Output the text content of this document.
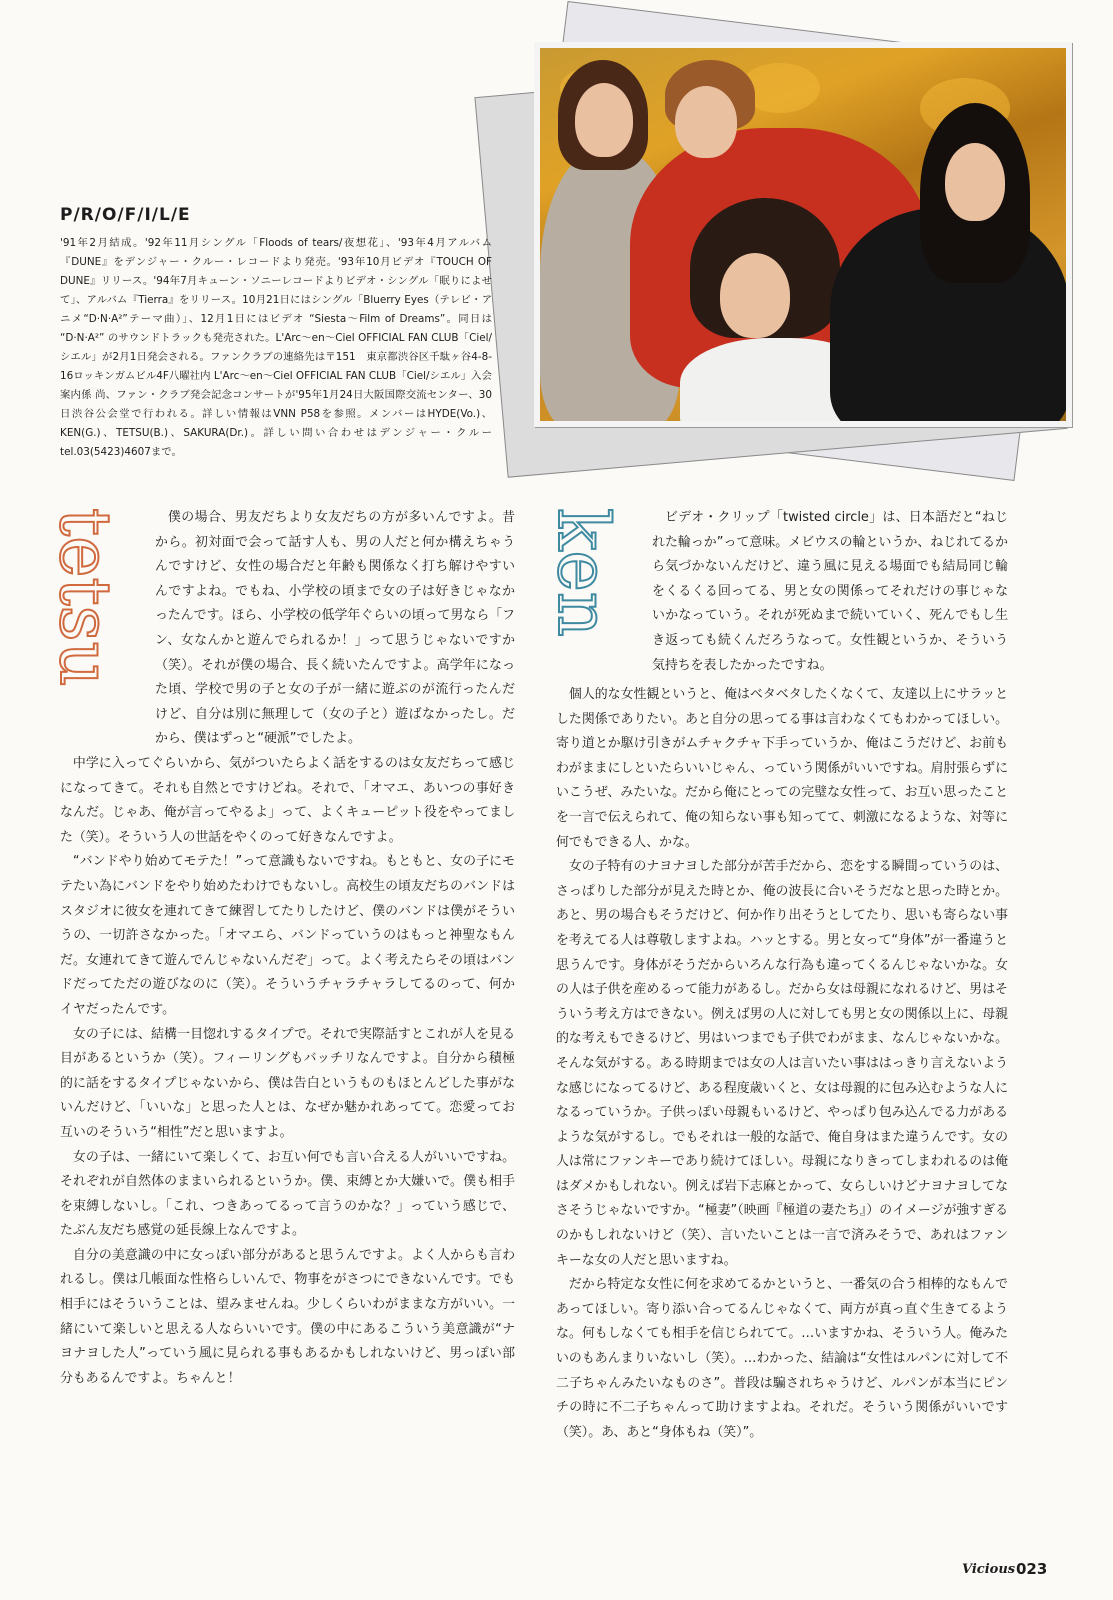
P/R/O/F/I/L/E
'91年2月結成。'92年11月シングル「Floods of tears/夜想花」、'93年4月アルバム『DUNE』をデンジャー・クルー・レコードより発売。'93年10月ビデオ『TOUCH OF DUNE』リリース。'94年7月キューン・ソニーレコードよりビデオ・シングル「眠りによせて」、アルバム『Tierra』をリリース。10月21日にはシングル「Bluerry Eyes（テレビ・アニメ“D·N·A²”テーマ曲）」、12月1日にはビデオ “Siesta〜Film of Dreams”。同日は “D·N·A²” のサウンドトラックも発売された。L'Arc〜en〜Ciel OFFICIAL FAN CLUB「Ciel/シエル」が2月1日発会される。ファンクラブの連絡先は〒151　東京都渋谷区千駄ヶ谷4-8-16ロッキンガムビル4F八曜社内 L'Arc〜en〜Ciel OFFICIAL FAN CLUB「Ciel/シエル」入会案内係 尚、ファン・クラブ発会記念コンサートが'95年1月24日大阪国際交流センター、30日渋谷公会堂で行われる。詳しい情報はVNN P58を参照。メンバーはHYDE(Vo.)、KEN(G.)、TETSU(B.)、SAKURA(Dr.)。詳しい問い合わせはデンジャー・クルー tel.03(5423)4607まで。
tetsu	ken

僕の場合、男友だちより女友だちの方が多いんですよ。昔から。初対面で会って話す人も、男の人だと何か構えちゃうんですけど、女性の場合だと年齢も関係なく打ち解けやすいんですよね。でもね、小学校の頃まで女の子は好きじゃなかったんです。ほら、小学校の低学年ぐらいの頃って男なら「フン、女なんかと遊んでられるか！」って思うじゃないですか（笑）。それが僕の場合、長く続いたんですよ。高学年になった頃、学校で男の子と女の子が一緒に遊ぶのが流行ったんだけど、自分は別に無理して（女の子と）遊ばなかったし。だから、僕はずっと“硬派”でしたよ。

中学に入ってぐらいから、気がついたらよく話をするのは女友だちって感じになってきて。それも自然とですけどね。それで、「オマエ、あいつの事好きなんだ。じゃあ、俺が言ってやるよ」って、よくキューピット役をやってました（笑）。そういう人の世話をやくのって好きなんですよ。

“バンドやり始めてモテた！”って意識もないですね。もともと、女の子にモテたい為にバンドをやり始めたわけでもないし。高校生の頃友だちのバンドはスタジオに彼女を連れてきて練習してたりしたけど、僕のバンドは僕がそういうの、一切許さなかった。「オマエら、バンドっていうのはもっと神聖なもんだ。女連れてきて遊んでんじゃないんだぞ」って。よく考えたらその頃はバンドだってただの遊びなのに（笑）。そういうチャラチャラしてるのって、何かイヤだったんです。

女の子には、結構一目惚れするタイプで。それで実際話すとこれが人を見る目があるというか（笑）。フィーリングもバッチリなんですよ。自分から積極的に話をするタイプじゃないから、僕は告白というものもほとんどした事がないんだけど、「いいな」と思った人とは、なぜか魅かれあってて。恋愛ってお互いのそういう“相性”だと思いますよ。

女の子は、一緒にいて楽しくて、お互い何でも言い合える人がいいですね。それぞれが自然体のままいられるというか。僕、束縛とか大嫌いで。僕も相手を束縛しないし。「これ、つきあってるって言うのかな？」っていう感じで、たぶん友だち感覚の延長線上なんですよ。

自分の美意識の中に女っぽい部分があると思うんですよ。よく人からも言われるし。僕は几帳面な性格らしいんで、物事をがさつにできないんです。でも相手にはそういうことは、望みませんね。少しくらいわがままな方がいい。一緒にいて楽しいと思える人ならいいです。僕の中にあるこういう美意識が“ナヨナヨした人”っていう風に見られる事もあるかもしれないけど、男っぽい部分もあるんですよ。ちゃんと！

ビデオ・クリップ「twisted circle」は、日本語だと“ねじれた輪っか”って意味。メビウスの輪というか、ねじれてるから気づかないんだけど、違う風に見える場面でも結局同じ輪をくるくる回ってる、男と女の関係ってそれだけの事じゃないかなっていう。それが死ぬまで続いていく、死んでもし生き返っても続くんだろうなって。女性観というか、そういう気持ちを表したかったですね。

個人的な女性観というと、俺はベタベタしたくなくて、友達以上にサラッとした関係でありたい。あと自分の思ってる事は言わなくてもわかってほしい。寄り道とか駆け引きがムチャクチャ下手っていうか、俺はこうだけど、お前もわがままにしといたらいいじゃん、っていう関係がいいですね。肩肘張らずにいこうぜ、みたいな。だから俺にとっての完璧な女性って、お互い思ったことを一言で伝えられて、俺の知らない事も知ってて、刺激になるような、対等に何でもできる人、かな。

女の子特有のナヨナヨした部分が苦手だから、恋をする瞬間っていうのは、さっぱりした部分が見えた時とか、俺の波長に合いそうだなと思った時とか。あと、男の場合もそうだけど、何か作り出そうとしてたり、思いも寄らない事を考えてる人は尊敬しますよね。ハッとする。男と女って“身体”が一番違うと思うんです。身体がそうだからいろんな行為も違ってくるんじゃないかな。女の人は子供を産めるって能力があるし。だから女は母親になれるけど、男はそういう考え方はできない。例えば男の人に対しても男と女の関係以上に、母親的な考えもできるけど、男はいつまでも子供でわがまま、なんじゃないかな。そんな気がする。ある時期までは女の人は言いたい事ははっきり言えないような感じになってるけど、ある程度歳いくと、女は母親的に包み込むような人になるっていうか。子供っぽい母親もいるけど、やっぱり包み込んでる力があるような気がするし。でもそれは一般的な話で、俺自身はまた違うんです。女の人は常にファンキーであり続けてほしい。母親になりきってしまわれるのは俺はダメかもしれない。例えば岩下志麻とかって、女らしいけどナヨナヨしてなさそうじゃないですか。“極妻”（映画『極道の妻たち』）のイメージが強すぎるのかもしれないけど（笑）、言いたいことは一言で済みそうで、あれはファンキーな女の人だと思いますね。

だから特定な女性に何を求めてるかというと、一番気の合う相棒的なもんであってほしい。寄り添い合ってるんじゃなくて、両方が真っ直ぐ生きてるような。何もしなくても相手を信じられてて。…いますかね、そういう人。俺みたいのもあんまりいないし（笑）。…わかった、結論は“女性はルパンに対して不二子ちゃんみたいなものさ”。普段は騙されちゃうけど、ルパンが本当にピンチの時に不二子ちゃんって助けますよね。それだ。そういう関係がいいです（笑）。あ、あと“身体もね（笑）”。

Vicious 023
